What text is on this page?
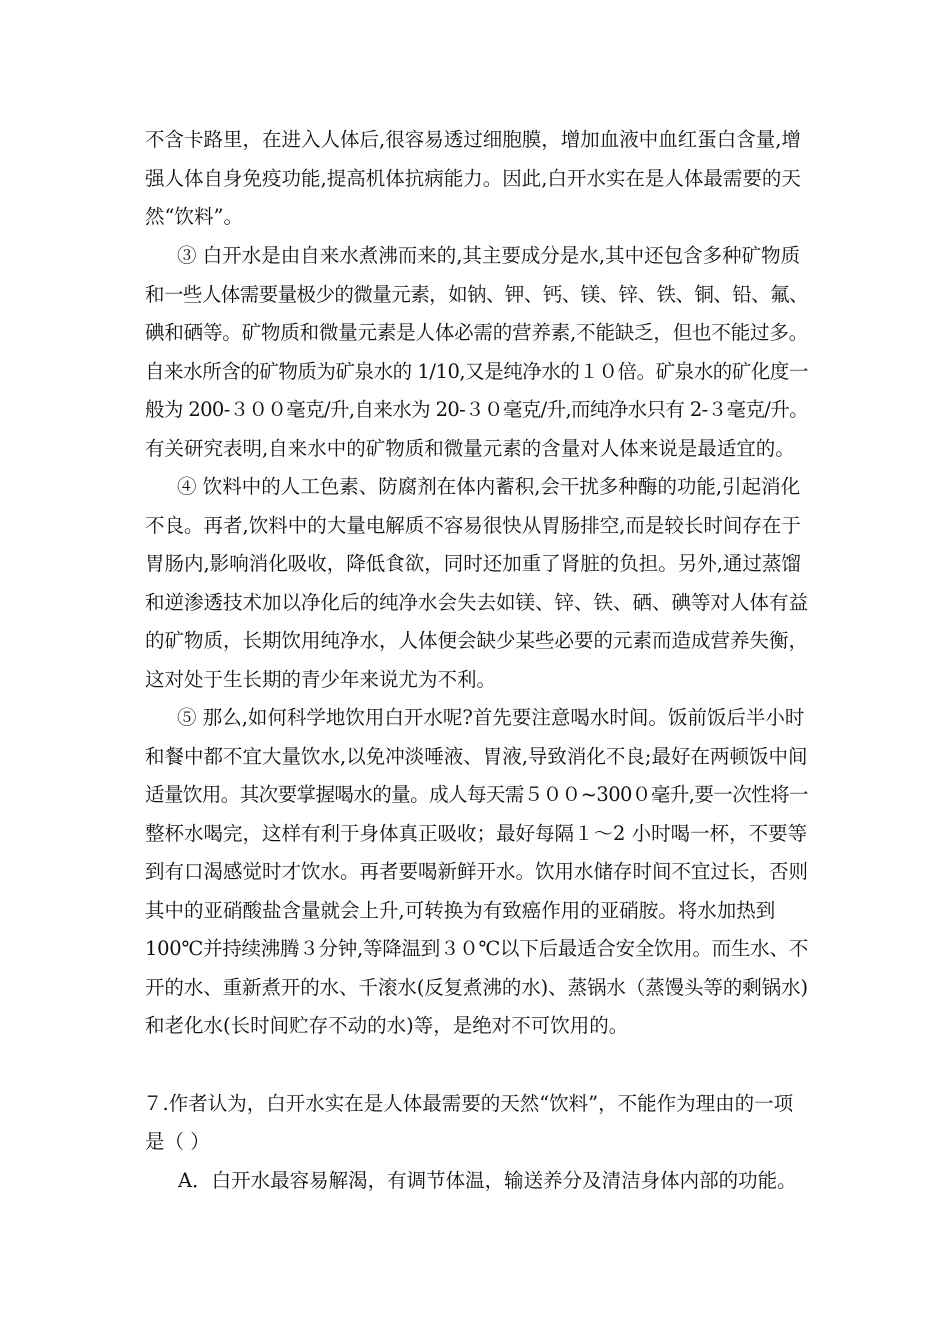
不含卡路里，在进入人体后,很容易透过细胞膜，增加血液中血红蛋白含量,增
强人体自身免疫功能,提高机体抗病能力。因此,白开水实在是人体最需要的天
然“饮料”。
③ 白开水是由自来水煮沸而来的,其主要成分是水,其中还包含多种矿物质
和一些人体需要量极少的微量元素，如钠、钾、钙、镁、锌、铁、铜、铅、氟、
碘和硒等。矿物质和微量元素是人体必需的营养素,不能缺乏，但也不能过多。
自来水所含的矿物质为矿泉水的 1/10,又是纯净水的１０倍。矿泉水的矿化度一
般为 200-３００毫克/升,自来水为 20-３０毫克/升,而纯净水只有 2-３毫克/升。
有关研究表明,自来水中的矿物质和微量元素的含量对人体来说是最适宜的。
④ 饮料中的人工色素、防腐剂在体内蓄积,会干扰多种酶的功能,引起消化
不良。再者,饮料中的大量电解质不容易很快从胃肠排空,而是较长时间存在于
胃肠内,影响消化吸收，降低食欲，同时还加重了肾脏的负担。另外,通过蒸馏
和逆渗透技术加以净化后的纯净水会失去如镁、锌、铁、硒、碘等对人体有益
的矿物质，长期饮用纯净水，人体便会缺少某些必要的元素而造成营养失衡，
这对处于生长期的青少年来说尤为不利。
⑤ 那么,如何科学地饮用白开水呢?首先要注意喝水时间。饭前饭后半小时
和餐中都不宜大量饮水,以免冲淡唾液、胃液,导致消化不良;最好在两顿饭中间
适量饮用。其次要掌握喝水的量。成人每天需５００~300０毫升,要一次性将一
整杯水喝完，这样有利于身体真正吸收；最好每隔１～2 小时喝一杯，不要等
到有口渴感觉时才饮水。再者要喝新鲜开水。饮用水储存时间不宜过长，否则
其中的亚硝酸盐含量就会上升,可转换为有致癌作用的亚硝胺。将水加热到
100℃并持续沸腾３分钟,等降温到３０℃以下后最适合安全饮用。而生水、不
开的水、重新煮开的水、千滚水(反复煮沸的水)、蒸锅水（蒸馒头等的剩锅水)
和老化水(长时间贮存不动的水)等，是绝对不可饮用的。
７.作者认为，白开水实在是人体最需要的天然“饮料”，不能作为理由的一项
是（ ）
A．白开水最容易解渴，有调节体温，输送养分及清洁身体内部的功能。
